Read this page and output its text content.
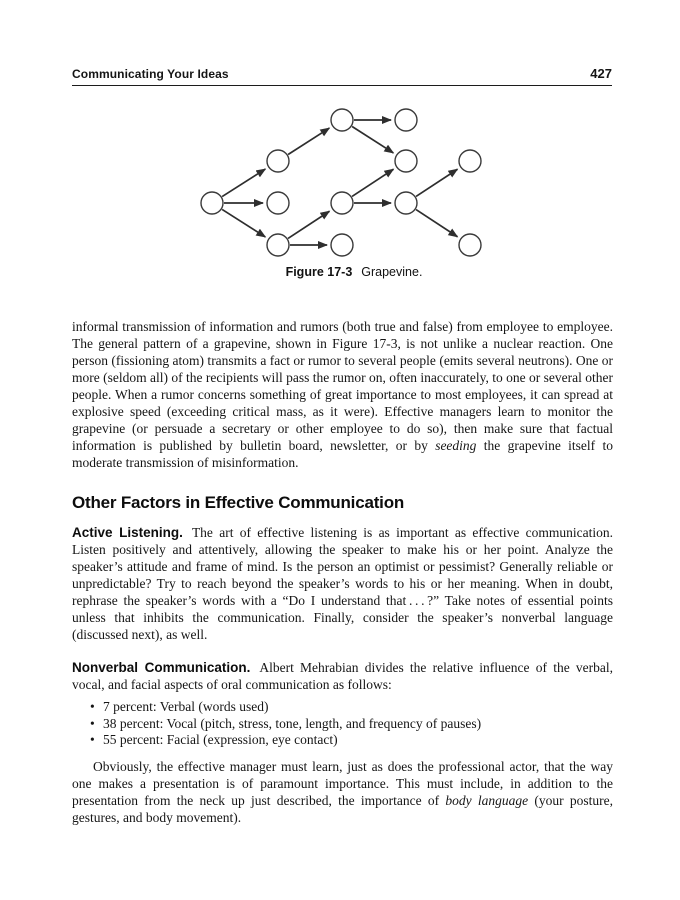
Communicating Your Ideas	427
Figure 17-3 Grapevine.

informal transmission of information and rumors (both true and false) from employee to employee. The general pattern of a grapevine, shown in Figure 17-3, is not unlike a nuclear reaction. One person (fissioning atom) transmits a fact or rumor to several people (emits several neutrons). One or more (seldom all) of the recipients will pass the rumor on, often inaccurately, to one or several other people. When a rumor concerns something of great importance to most employees, it can spread at explosive speed (exceeding critical mass, as it were). Effective managers learn to monitor the grapevine (or persuade a secretary or other employee to do so), then make sure that factual information is published by bulletin board, newsletter, or by seeding the grapevine itself to moderate transmission of misinformation.

Other Factors in Effective Communication

Active Listening. The art of effective listening is as important as effective communication. Listen positively and attentively, allowing the speaker to make his or her point. Analyze the speaker’s attitude and frame of mind. Is the person an optimist or pessimist? Generally reliable or unpredictable? Try to reach beyond the speaker’s words to his or her meaning. When in doubt, rephrase the speaker’s words with a “Do I understand that . . . ?” Take notes of essential points unless that inhibits the communication. Finally, consider the speaker’s nonverbal language (discussed next), as well.

Nonverbal Communication. Albert Mehrabian divides the relative influence of the verbal, vocal, and facial aspects of oral communication as follows:

• 7 percent: Verbal (words used)
• 38 percent: Vocal (pitch, stress, tone, length, and frequency of pauses)
• 55 percent: Facial (expression, eye contact)

Obviously, the effective manager must learn, just as does the professional actor, that the way one makes a presentation is of paramount importance. This must include, in addition to the presentation from the neck up just described, the importance of body language (your posture, gestures, and body movement).
